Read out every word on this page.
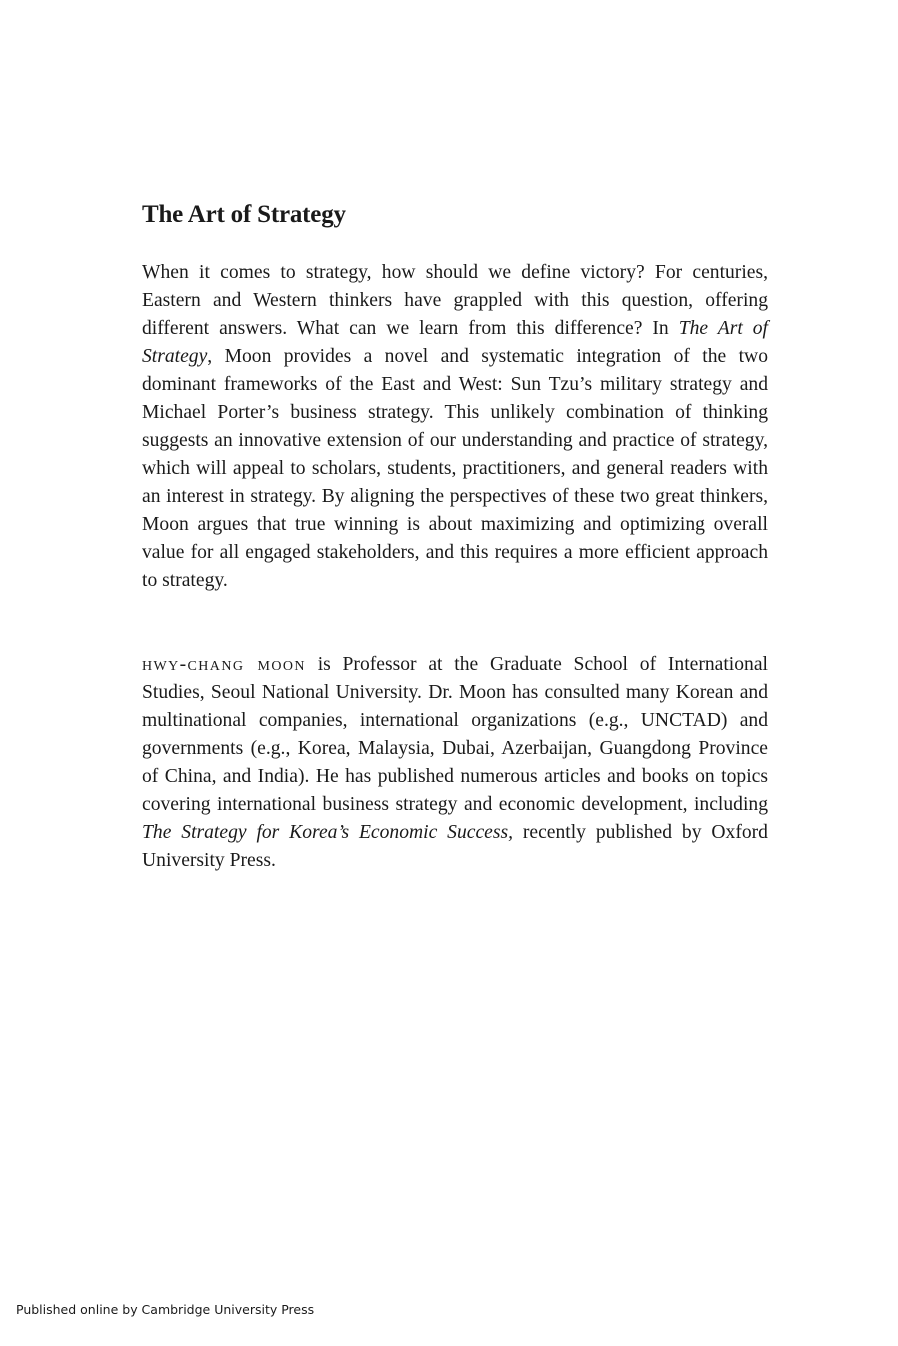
The Art of Strategy

When it comes to strategy, how should we define victory? For centuries, Eastern and Western thinkers have grappled with this question, offering different answers. What can we learn from this difference? In The Art of Strategy, Moon provides a novel and systematic integration of the two dominant frameworks of the East and West: Sun Tzu’s military strategy and Michael Porter’s business strategy. This unlikely combination of thinking suggests an innovative extension of our understanding and practice of strategy, which will appeal to scholars, students, practitioners, and general readers with an interest in strategy. By aligning the perspectives of these two great thinkers, Moon argues that true winning is about maximizing and optimizing overall value for all engaged stakeholders, and this requires a more efficient approach to strategy.

hwy-chang moon is Professor at the Graduate School of International Studies, Seoul National University. Dr. Moon has consulted many Korean and multinational companies, international organizations (e.g., UNCTAD) and governments (e.g., Korea, Malaysia, Dubai, Azerbaijan, Guangdong Province of China, and India). He has published numerous articles and books on topics covering international business strategy and economic development, including The Strategy for Korea’s Economic Success, recently published by Oxford University Press.

Published online by Cambridge University Press
